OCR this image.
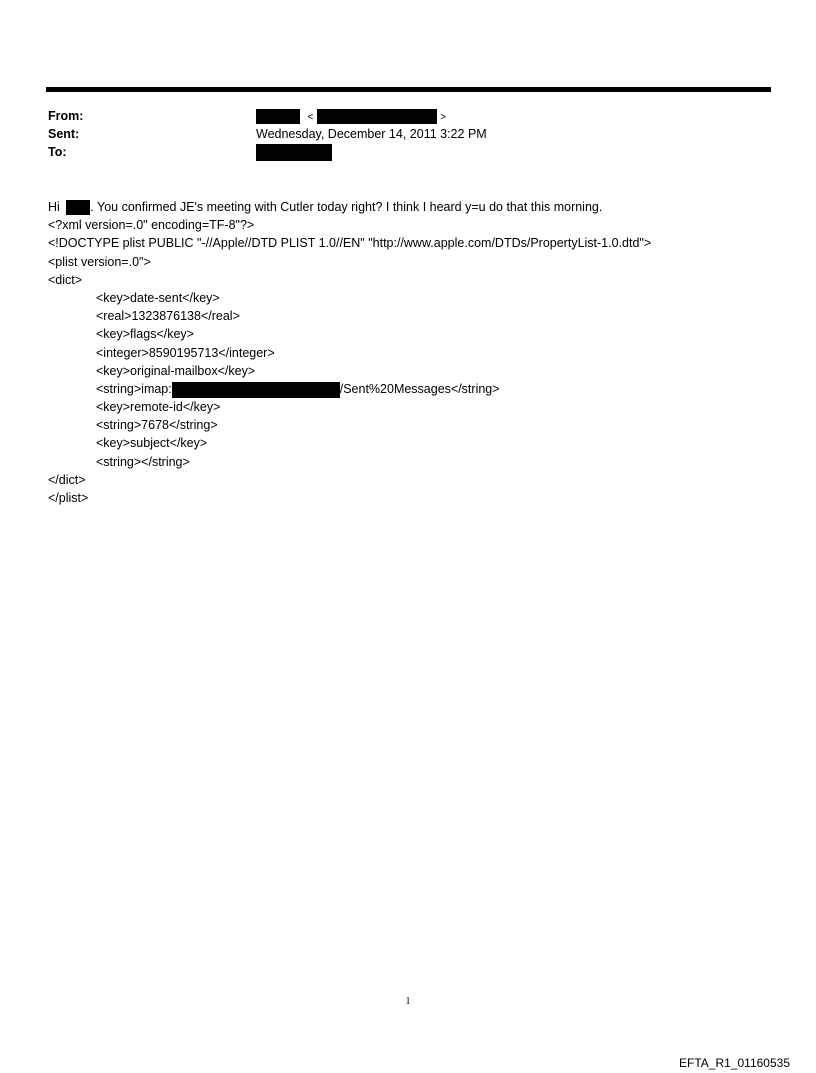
From:
Sent:
To:
<	>
Wednesday, December 14, 2011 3:22 PM
Hi . You confirmed JE's meeting with Cutler today right? I think I heard y=u do that this morning.
<?xml version=.0" encoding=TF-8"?>
<!DOCTYPE plist PUBLIC "-//Apple//DTD PLIST 1.0//EN" "http://www.apple.com/DTDs/PropertyList-1.0.dtd">
<plist version=.0">
<dict>
<key>date-sent</key>
<real>1323876138</real>
<key>flags</key>
<integer>8590195713</integer>
<key>original-mailbox</key>
<string>imap:	/Sent%20Messages</string>
<key>remote-id</key>
<string>7678</string>
<key>subject</key>
<string></string>
</dict>
</plist>
1
EFTA_R1_01160535
